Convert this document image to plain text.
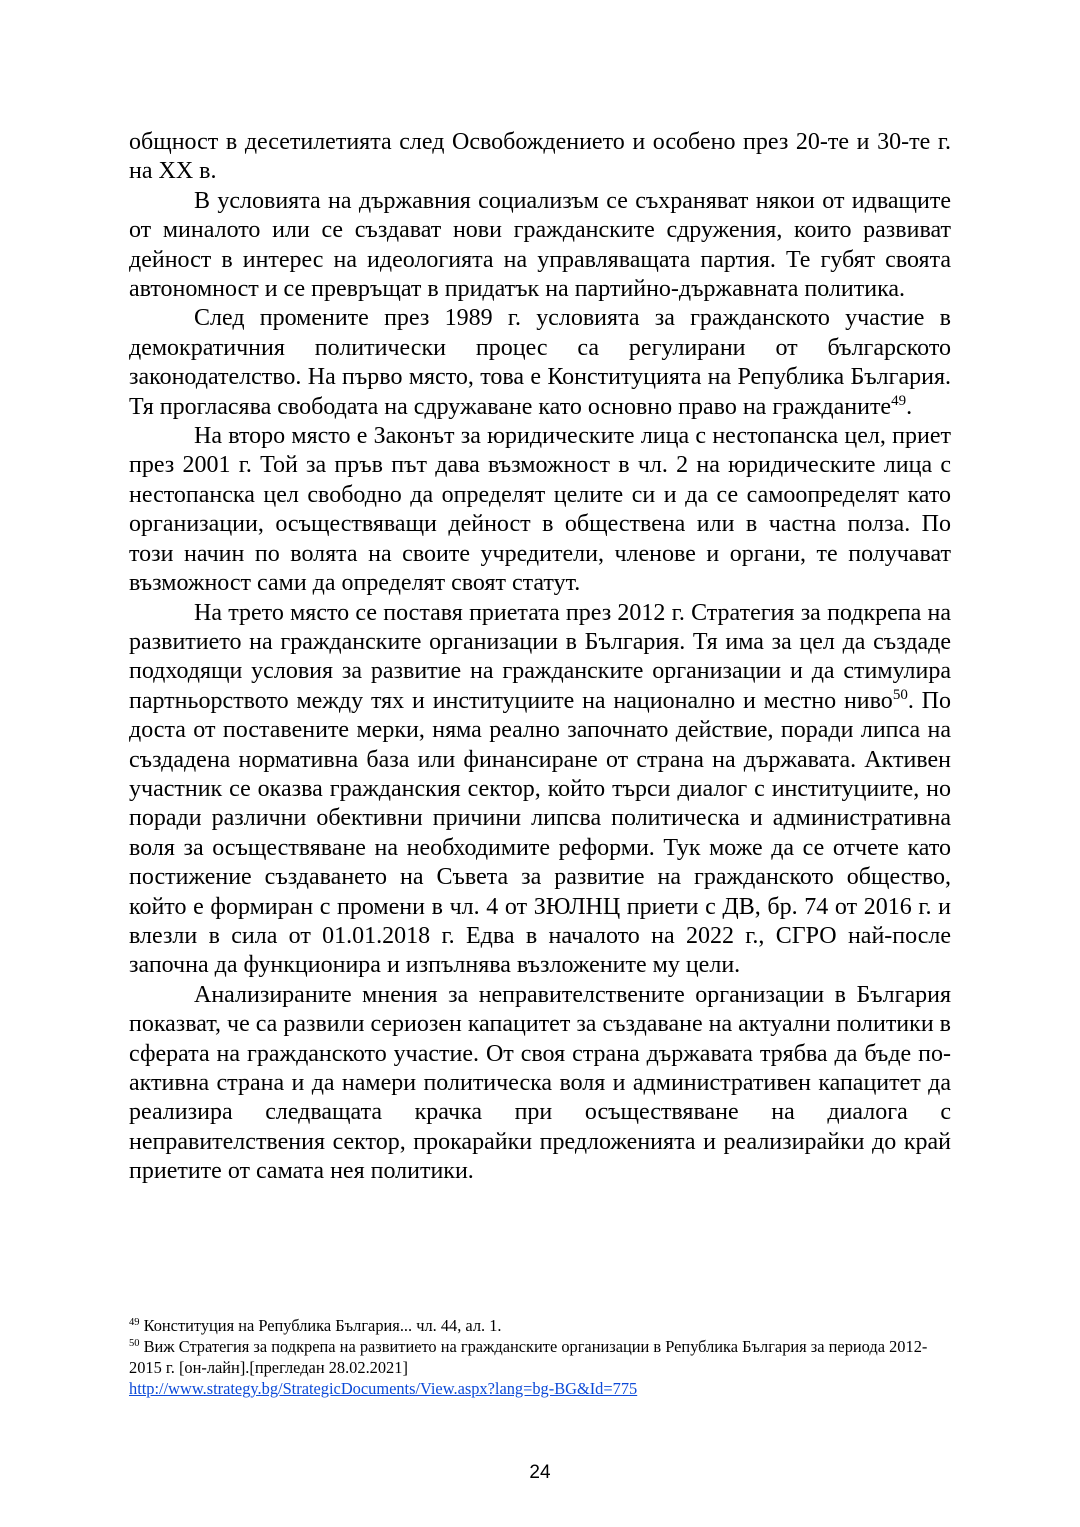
общност в десетилетията след Освобождението и особено през 20-те и 30-те г. на XX в.

В условията на държавния социализъм се съхраняват някои от идващите от миналото или се създават нови гражданските сдружения, които развиват дейност в интерес на идеологията на управляващата партия. Те губят своята автономност и се превръщат в придатък на партийно-държавната политика.

След промените през 1989 г. условията за гражданското участие в демократичния политически процес са регулирани от българското законодателство. На първо място, това е Конституцията на Република България. Тя прогласява свободата на сдружаване като основно право на гражданите$^{49}$.

На второ място е Законът за юридическите лица с нестопанска цел, приет през 2001 г. Той за пръв път дава възможност в чл. 2 на юридическите лица с нестопанска цел свободно да определят целите си и да се самоопределят като организации, осъществяващи дейност в обществена или в частна полза. По този начин по волята на своите учредители, членове и органи, те получават възможност сами да определят своят статут.

На трето място се поставя приетата през 2012 г. Стратегия за подкрепа на развитието на гражданските организации в България. Тя има за цел да създаде подходящи условия за развитие на гражданските организации и да стимулира партньорството между тях и институциите на национално и местно ниво$^{50}$. По доста от поставените мерки, няма реално започнато действие, поради липса на създадена нормативна база или финансиране от страна на държавата. Активен участник се оказва гражданския сектор, който търси диалог с институциите, но поради различни обективни причини липсва политическа и административна воля за осъществяване на необходимите реформи. Тук може да се отчете като постижение създаването на Съвета за развитие на гражданското общество, който е формиран с промени в чл. 4 от ЗЮЛНЦ приети с ДВ, бр. 74 от 2016 г. и влезли в сила от 01.01.2018 г. Едва в началото на 2022 г., СГРО най-после започна да функционира и изпълнява възложените му цели.

Анализираните мнения за неправителствените организации в България показват, че са развили сериозен капацитет за създаване на актуални политики в сферата на гражданското участие. От своя страна държавата трябва да бъде по-активна страна и да намери политическа воля и административен капацитет да реализира следващата крачка при осъществяване на диалога с неправителствения сектор, прокарайки предложенията и реализирайки до край приетите от самата нея политики.

$^{49}$ Конституция на Република България... чл. 44, ал. 1.

$^{50}$ Виж Стратегия за подкрепа на развитието на гражданските организации в Република България за периода 2012-2015 г. [он-лайн].[прегледан 28.02.2021]
http://www.strategy.bg/StrategicDocuments/View.aspx?lang=bg-BG&Id=775

24
